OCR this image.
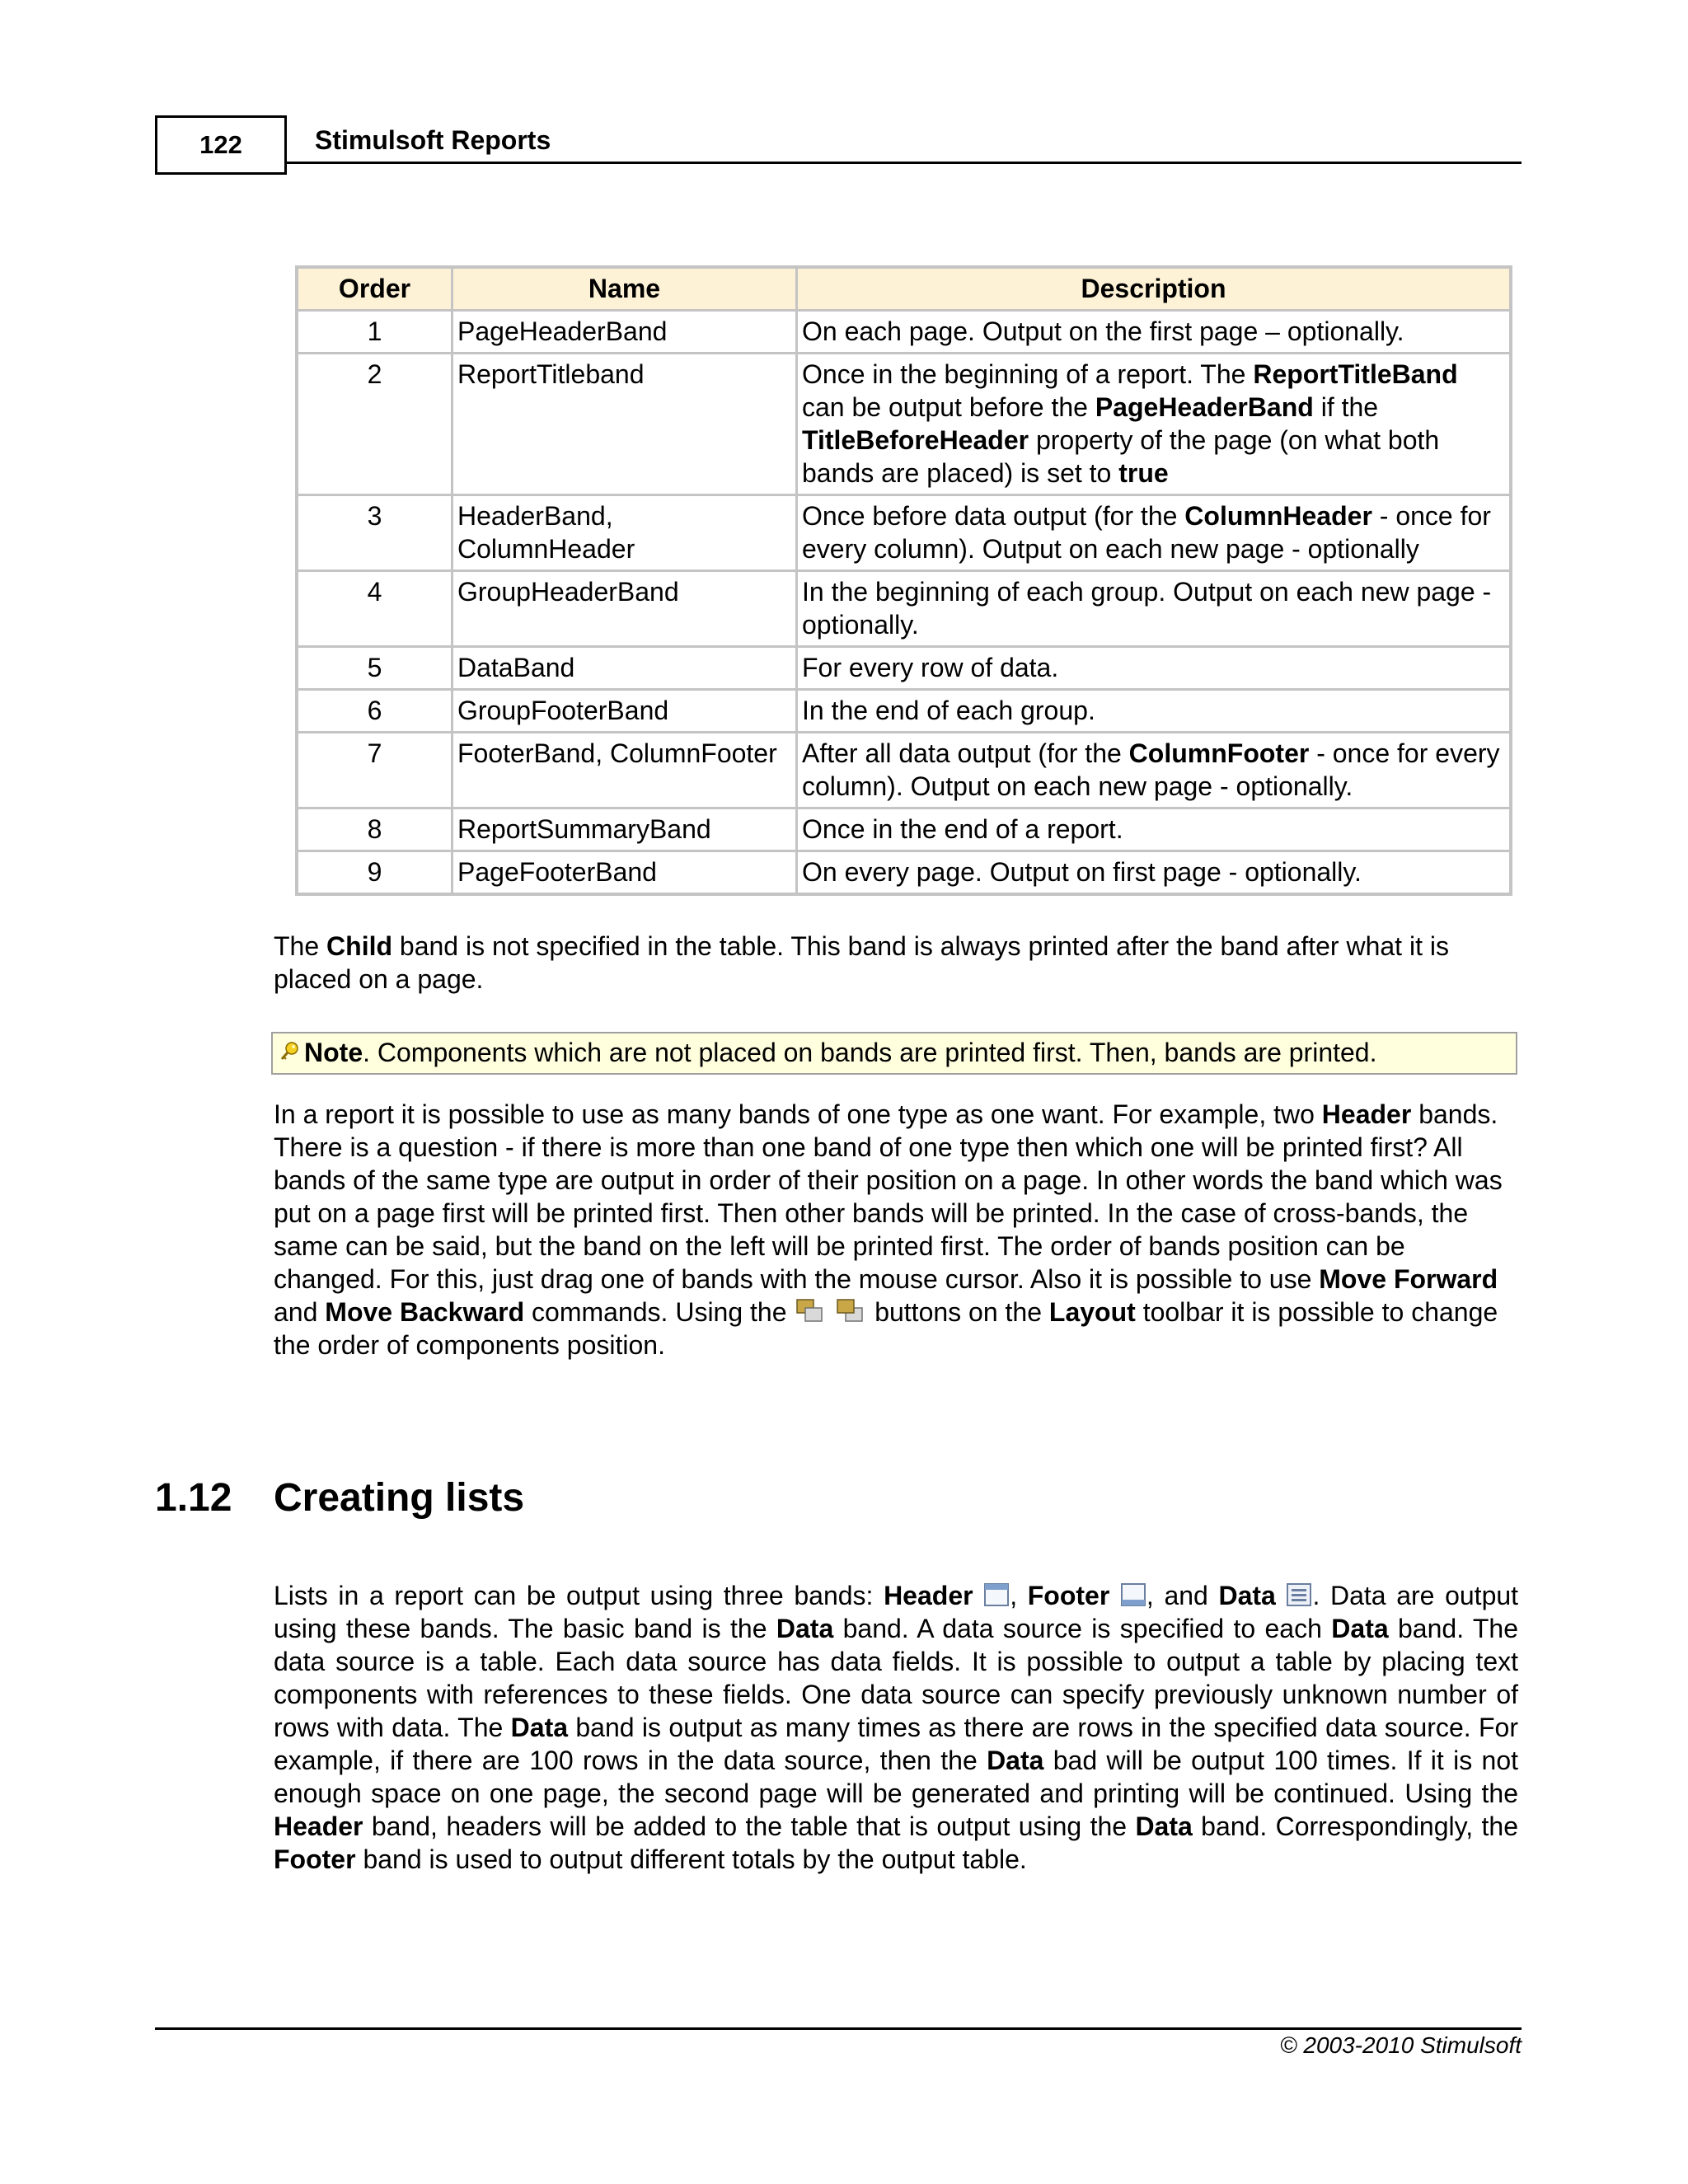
122	Stimulsoft Reports
Order	Name	Description
1	PageHeaderBand	On each page. Output on the first page – optionally.
2	ReportTitleband	Once in the beginning of a report. The ReportTitleBand can be output before the PageHeaderBand if the TitleBeforeHeader property of the page (on what both bands are placed) is set to true
3	HeaderBand, ColumnHeader	Once before data output (for the ColumnHeader - once for every column). Output on each new page - optionally
4	GroupHeaderBand	In the beginning of each group. Output on each new page - optionally.
5	DataBand	For every row of data.
6	GroupFooterBand	In the end of each group.
7	FooterBand, ColumnFooter	After all data output (for the ColumnFooter - once for every column). Output on each new page - optionally.
8	ReportSummaryBand	Once in the end of a report.
9	PageFooterBand	On every page. Output on first page - optionally.

The Child band is not specified in the table. This band is always printed after the band after what it is placed on a page.

Note. Components which are not placed on bands are printed first. Then, bands are printed.

In a report it is possible to use as many bands of one type as one want. For example, two Header bands. There is a question - if there is more than one band of one type then which one will be printed first? All bands of the same type are output in order of their position on a page. In other words the band which was put on a page first will be printed first. Then other bands will be printed. In the case of cross-bands, the same can be said, but the band on the left will be printed first. The order of bands position can be changed. For this, just drag one of bands with the mouse cursor. Also it is possible to use Move Forward and Move Backward commands. Using the	buttons on the Layout toolbar it is possible to change the order of components position.

1.12 Creating lists

Lists in a report can be output using three bands: Header , Footer , and Data . Data are output using these bands. The basic band is the Data band. A data source is specified to each Data band. The data source is a table. Each data source has data fields. It is possible to output a table by placing text components with references to these fields. One data source can specify previously unknown number of rows with data. The Data band is output as many times as there are rows in the specified data source. For example, if there are 100 rows in the data source, then the Data bad will be output 100 times. If it is not enough space on one page, the second page will be generated and printing will be continued. Using the Header band, headers will be added to the table that is output using the Data band. Correspondingly, the Footer band is used to output different totals by the output table.

© 2003-2010 Stimulsoft
